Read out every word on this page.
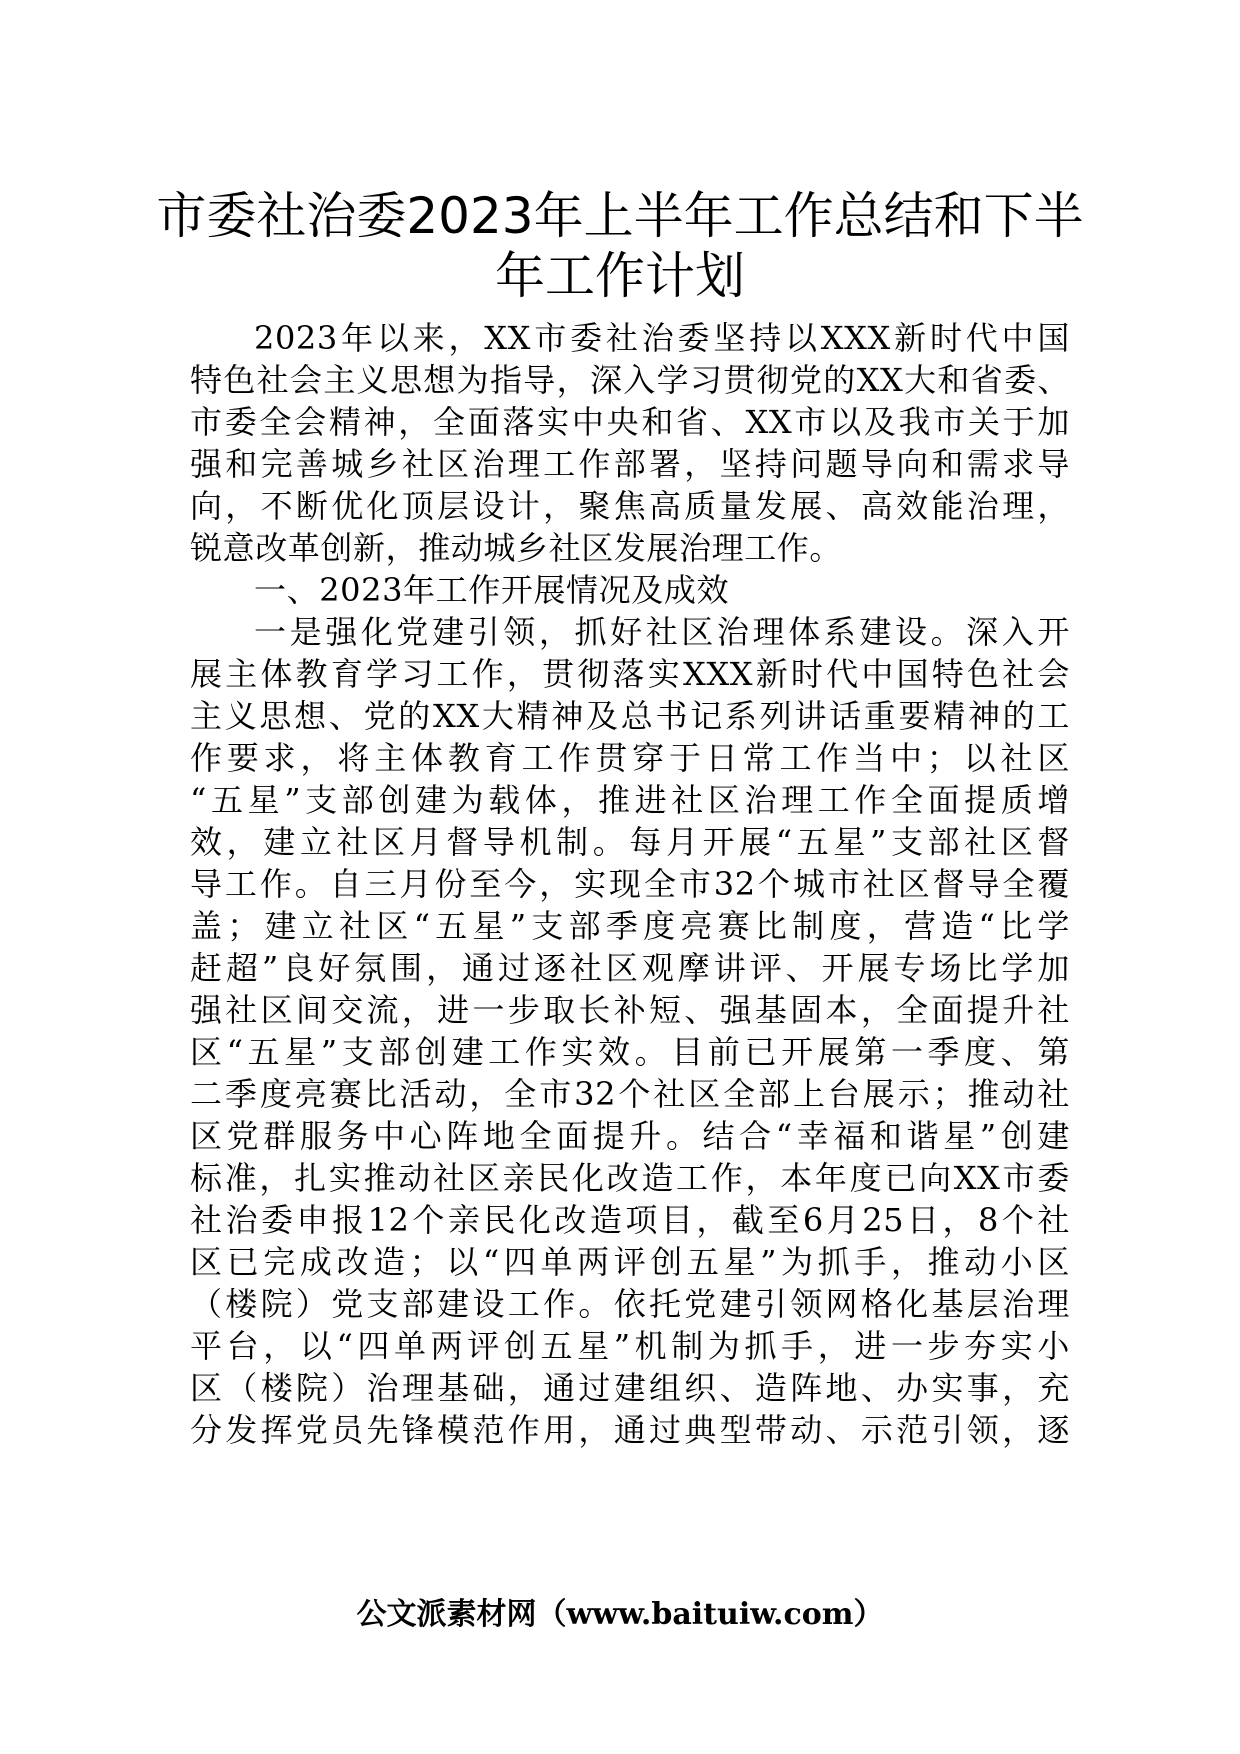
市委社治委2023年上半年工作总结和下半
年工作计划
2023年以来，XX市委社治委坚持以XXX新时代中国
特色社会主义思想为指导，深入学习贯彻党的XX大和省委、
市委全会精神，全面落实中央和省、XX市以及我市关于加
强和完善城乡社区治理工作部署，坚持问题导向和需求导
向，不断优化顶层设计，聚焦高质量发展、高效能治理，
锐意改革创新，推动城乡社区发展治理工作。
一、2023年工作开展情况及成效
一是强化党建引领，抓好社区治理体系建设。深入开
展主体教育学习工作，贯彻落实XXX新时代中国特色社会
主义思想、党的XX大精神及总书记系列讲话重要精神的工
作要求，将主体教育工作贯穿于日常工作当中；以社区
“五星”支部创建为载体，推进社区治理工作全面提质增
效，建立社区月督导机制。每月开展“五星”支部社区督
导工作。自三月份至今，实现全市32个城市社区督导全覆
盖；建立社区“五星”支部季度亮赛比制度，营造“比学
赶超”良好氛围，通过逐社区观摩讲评、开展专场比学加
强社区间交流，进一步取长补短、强基固本，全面提升社
区“五星”支部创建工作实效。目前已开展第一季度、第
二季度亮赛比活动，全市32个社区全部上台展示；推动社
区党群服务中心阵地全面提升。结合“幸福和谐星”创建
标准，扎实推动社区亲民化改造工作，本年度已向XX市委
社治委申报12个亲民化改造项目，截至6月25日，8个社
区已完成改造；以“四单两评创五星”为抓手，推动小区
（楼院）党支部建设工作。依托党建引领网格化基层治理
平台，以“四单两评创五星”机制为抓手，进一步夯实小
区（楼院）治理基础，通过建组织、造阵地、办实事，充
分发挥党员先锋模范作用，通过典型带动、示范引领，逐
公文派素材网（www.baituiw.com）
